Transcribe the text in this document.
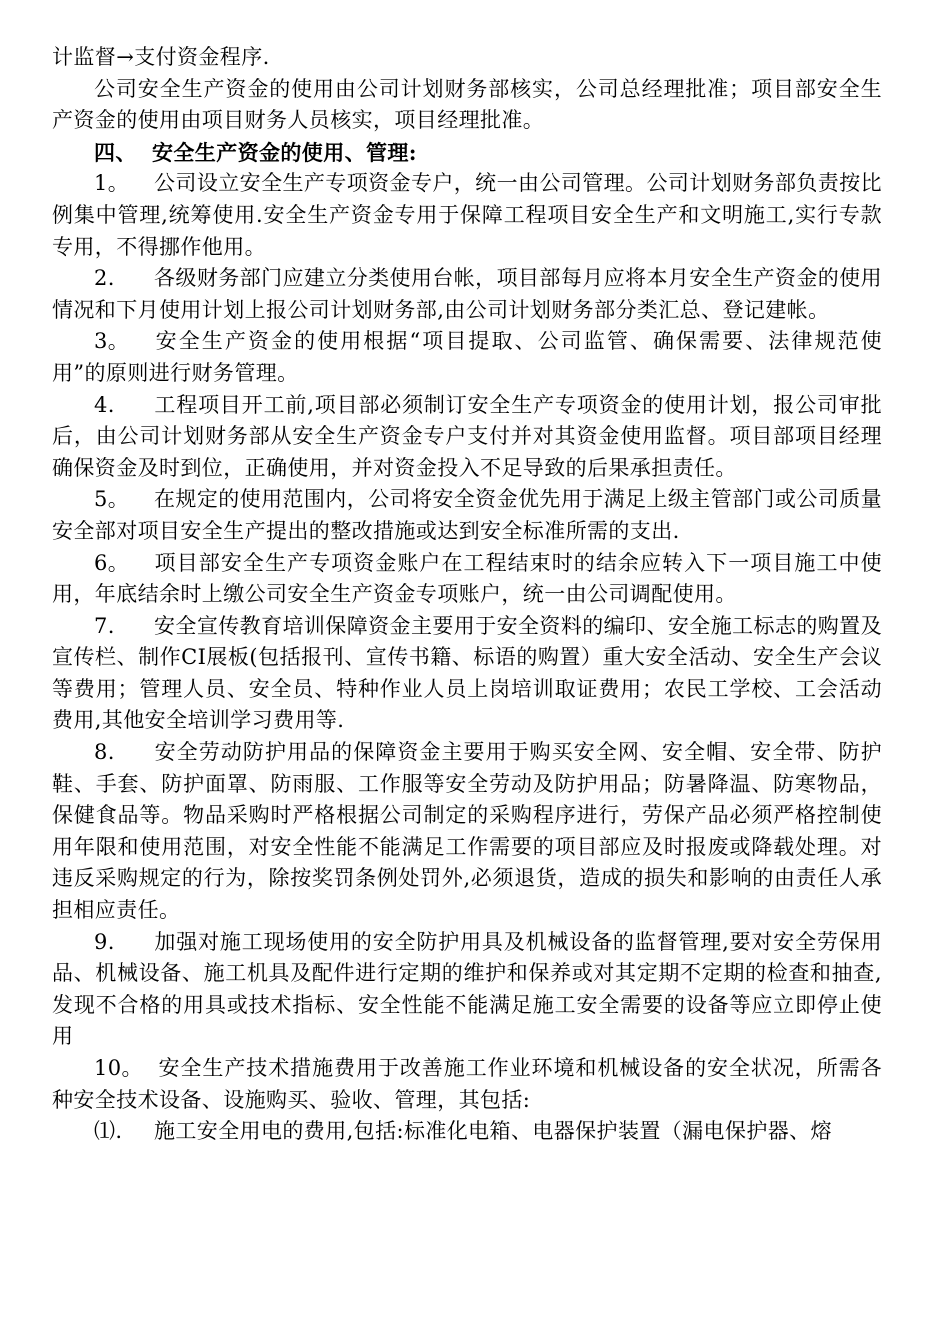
计监督→支付资金程序.

公司安全生产资金的使用由公司计划财务部核实，公司总经理批准；项目部安全生产资金的使用由项目财务人员核实，项目经理批准。

四、 安全生产资金的使用、管理:

1。 公司设立安全生产专项资金专户，统一由公司管理。公司计划财务部负责按比例集中管理,统筹使用.安全生产资金专用于保障工程项目安全生产和文明施工,实行专款专用，不得挪作他用。

2. 各级财务部门应建立分类使用台帐，项目部每月应将本月安全生产资金的使用情况和下月使用计划上报公司计划财务部,由公司计划财务部分类汇总、登记建帐。

3。 安全生产资金的使用根据“项目提取、公司监管、确保需要、法律规范使用”的原则进行财务管理。

4. 工程项目开工前,项目部必须制订安全生产专项资金的使用计划，报公司审批后，由公司计划财务部从安全生产资金专户支付并对其资金使用监督。项目部项目经理确保资金及时到位，正确使用，并对资金投入不足导致的后果承担责任。

5。 在规定的使用范围内，公司将安全资金优先用于满足上级主管部门或公司质量安全部对项目安全生产提出的整改措施或达到安全标准所需的支出.

6。 项目部安全生产专项资金账户在工程结束时的结余应转入下一项目施工中使用，年底结余时上缴公司安全生产资金专项账户，统一由公司调配使用。

7. 安全宣传教育培训保障资金主要用于安全资料的编印、安全施工标志的购置及宣传栏、制作CI展板(包括报刊、宣传书籍、标语的购置）重大安全活动、安全生产会议等费用；管理人员、安全员、特种作业人员上岗培训取证费用；农民工学校、工会活动费用,其他安全培训学习费用等.

8. 安全劳动防护用品的保障资金主要用于购买安全网、安全帽、安全带、防护鞋、手套、防护面罩、防雨服、工作服等安全劳动及防护用品；防暑降温、防寒物品，保健食品等。物品采购时严格根据公司制定的采购程序进行，劳保产品必须严格控制使用年限和使用范围，对安全性能不能满足工作需要的项目部应及时报废或降载处理。对违反采购规定的行为，除按奖罚条例处罚外,必须退货，造成的损失和影响的由责任人承担相应责任。

9. 加强对施工现场使用的安全防护用具及机械设备的监督管理,要对安全劳保用品、机械设备、施工机具及配件进行定期的维护和保养或对其定期不定期的检查和抽查,发现不合格的用具或技术指标、安全性能不能满足施工安全需要的设备等应立即停止使用

10。 安全生产技术措施费用于改善施工作业环境和机械设备的安全状况，所需各种安全技术设备、设施购买、验收、管理，其包括:

⑴. 施工安全用电的费用,包括:标准化电箱、电器保护装置（漏电保护器、熔
